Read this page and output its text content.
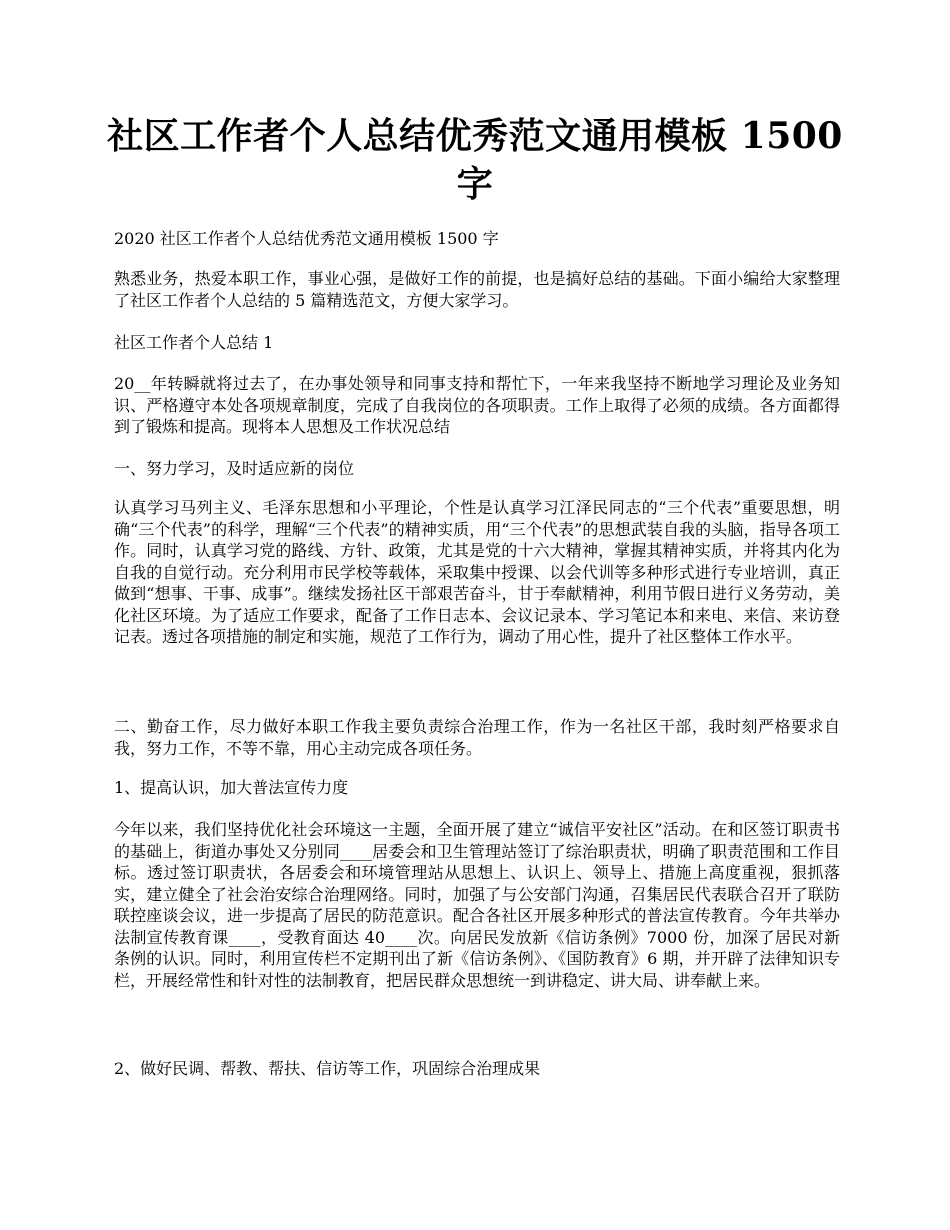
社区工作者个人总结优秀范文通用模板 1500 字

2020 社区工作者个人总结优秀范文通用模板 1500 字

熟悉业务，热爱本职工作，事业心强，是做好工作的前提，也是搞好总结的基础。下面小编给大家整理了社区工作者个人总结的 5 篇精选范文，方便大家学习。

社区工作者个人总结 1

20__年转瞬就将过去了，在办事处领导和同事支持和帮忙下，一年来我坚持不断地学习理论及业务知识、严格遵守本处各项规章制度，完成了自我岗位的各项职责。工作上取得了必须的成绩。各方面都得到了锻炼和提高。现将本人思想及工作状况总结

一、努力学习，及时适应新的岗位

认真学习马列主义、毛泽东思想和小平理论，个性是认真学习江泽民同志的“三个代表”重要思想，明确“三个代表”的科学，理解“三个代表”的精神实质，用“三个代表”的思想武装自我的头脑，指导各项工作。同时，认真学习党的路线、方针、政策，尤其是党的十六大精神，掌握其精神实质，并将其内化为自我的自觉行动。充分利用市民学校等载体，采取集中授课、以会代训等多种形式进行专业培训，真正做到“想事、干事、成事”。继续发扬社区干部艰苦奋斗，甘于奉献精神，利用节假日进行义务劳动，美化社区环境。为了适应工作要求，配备了工作日志本、会议记录本、学习笔记本和来电、来信、来访登记表。透过各项措施的制定和实施，规范了工作行为，调动了用心性，提升了社区整体工作水平。

二、勤奋工作，尽力做好本职工作我主要负责综合治理工作，作为一名社区干部，我时刻严格要求自我，努力工作，不等不靠，用心主动完成各项任务。

1、提高认识，加大普法宣传力度

今年以来，我们坚持优化社会环境这一主题，全面开展了建立“诚信平安社区”活动。在和区签订职责书的基础上，街道办事处又分别同____居委会和卫生管理站签订了综治职责状，明确了职责范围和工作目标。透过签订职责状，各居委会和环境管理站从思想上、认识上、领导上、措施上高度重视，狠抓落实，建立健全了社会治安综合治理网络。同时，加强了与公安部门沟通，召集居民代表联合召开了联防联控座谈会议，进一步提高了居民的防范意识。配合各社区开展多种形式的普法宣传教育。今年共举办法制宣传教育课____，受教育面达 40____次。向居民发放新《信访条例》7000 份，加深了居民对新条例的认识。同时，利用宣传栏不定期刊出了新《信访条例》、《国防教育》6 期，并开辟了法律知识专栏，开展经常性和针对性的法制教育，把居民群众思想统一到讲稳定、讲大局、讲奉献上来。

2、做好民调、帮教、帮扶、信访等工作，巩固综合治理成果
